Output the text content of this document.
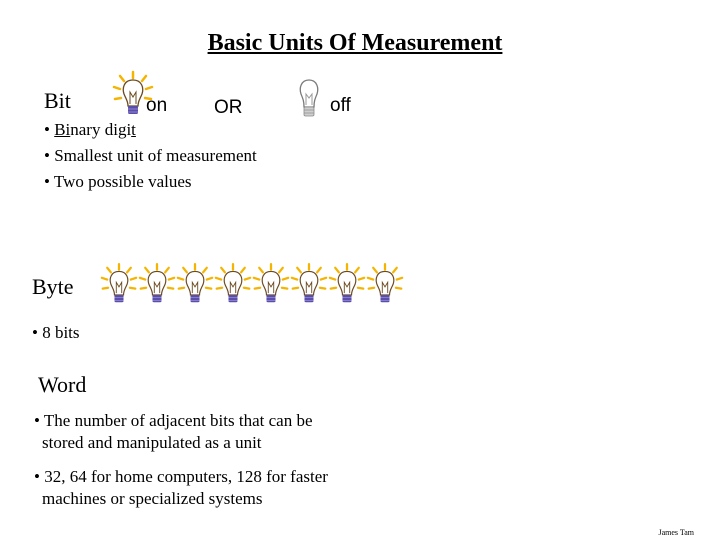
Basic Units Of Measurement
Bit	on OR	off
• Binary digit
• Smallest unit of measurement
• Two possible values
Byte
• 8 bits
Word
• The number of adjacent bits that can be
stored and manipulated as a unit
• 32, 64 for home computers, 128 for faster
machines or specialized systems
James Tam
